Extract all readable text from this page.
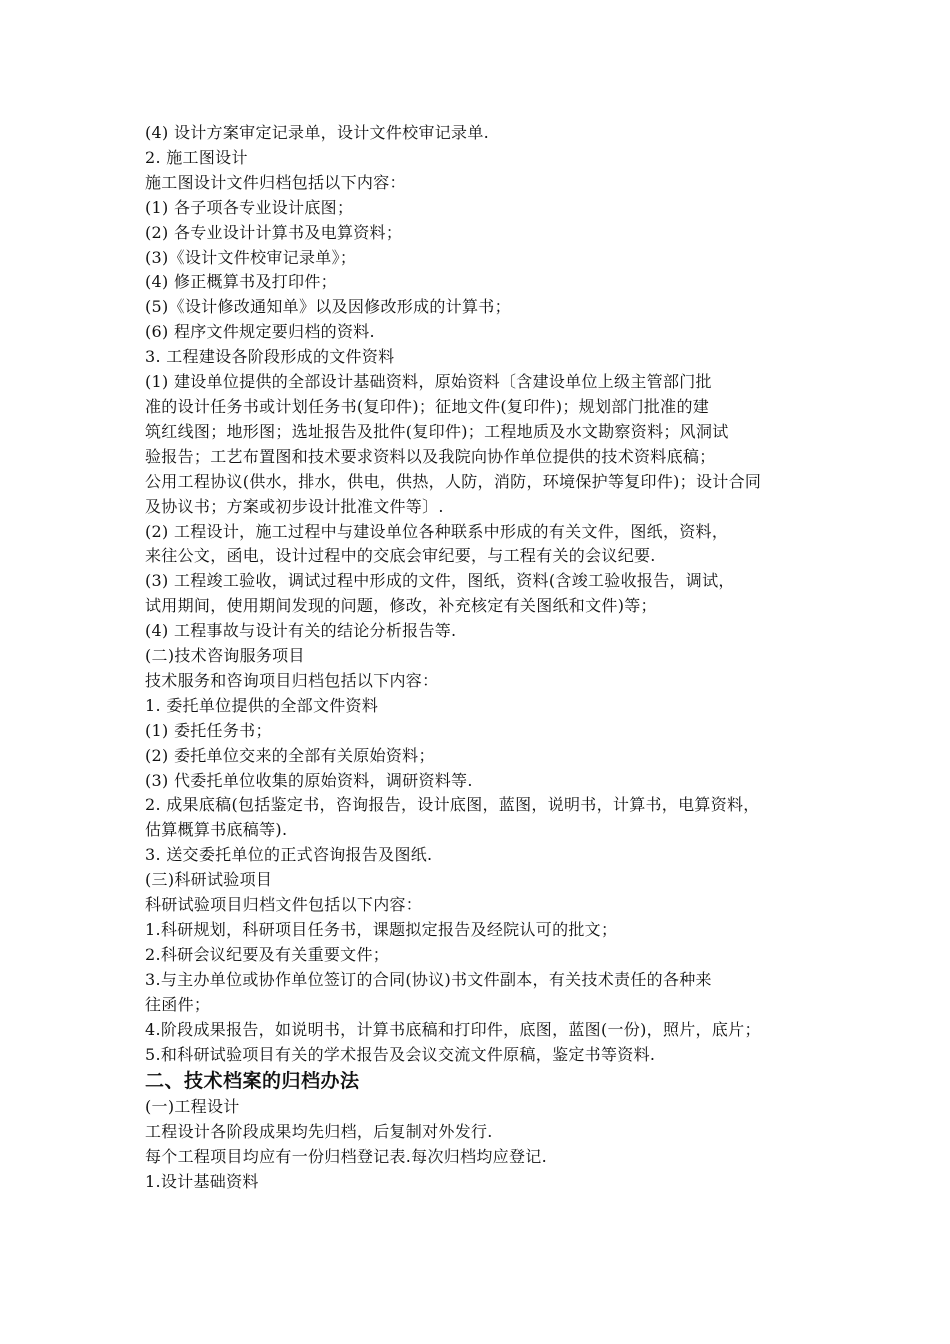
(4) 设计方案审定记录单，设计文件校审记录单.
2. 施工图设计
施工图设计文件归档包括以下内容：
(1) 各子项各专业设计底图；
(2) 各专业设计计算书及电算资料；
(3)《设计文件校审记录单》；
(4) 修正概算书及打印件；
(5)《设计修改通知单》以及因修改形成的计算书；
(6) 程序文件规定要归档的资料.
3. 工程建设各阶段形成的文件资料
(1) 建设单位提供的全部设计基础资料，原始资料〔含建设单位上级主管部门批
准的设计任务书或计划任务书(复印件)；征地文件(复印件)；规划部门批准的建
筑红线图；地形图；选址报告及批件(复印件)；工程地质及水文勘察资料；风洞试
验报告；工艺布置图和技术要求资料以及我院向协作单位提供的技术资料底稿；
公用工程协议(供水，排水，供电，供热，人防，消防，环境保护等复印件)；设计合同
及协议书；方案或初步设计批准文件等〕.
(2) 工程设计，施工过程中与建设单位各种联系中形成的有关文件，图纸，资料，
来往公文，函电，设计过程中的交底会审纪要，与工程有关的会议纪要.
(3) 工程竣工验收，调试过程中形成的文件，图纸，资料(含竣工验收报告，调试，
试用期间，使用期间发现的问题，修改，补充核定有关图纸和文件)等；
(4) 工程事故与设计有关的结论分析报告等.
(二)技术咨询服务项目
技术服务和咨询项目归档包括以下内容：
1. 委托单位提供的全部文件资料
(1) 委托任务书；
(2) 委托单位交来的全部有关原始资料；
(3) 代委托单位收集的原始资料，调研资料等.
2. 成果底稿(包括鉴定书，咨询报告，设计底图，蓝图，说明书，计算书，电算资料，
估算概算书底稿等).
3. 送交委托单位的正式咨询报告及图纸.
(三)科研试验项目
科研试验项目归档文件包括以下内容：
1.科研规划，科研项目任务书，课题拟定报告及经院认可的批文；
2.科研会议纪要及有关重要文件；
3.与主办单位或协作单位签订的合同(协议)书文件副本，有关技术责任的各种来
往函件；
4.阶段成果报告，如说明书，计算书底稿和打印件，底图，蓝图(一份)，照片，底片；
5.和科研试验项目有关的学术报告及会议交流文件原稿，鉴定书等资料.
二、技术档案的归档办法
(一)工程设计
工程设计各阶段成果均先归档，后复制对外发行.
每个工程项目均应有一份归档登记表.每次归档均应登记.
1.设计基础资料
